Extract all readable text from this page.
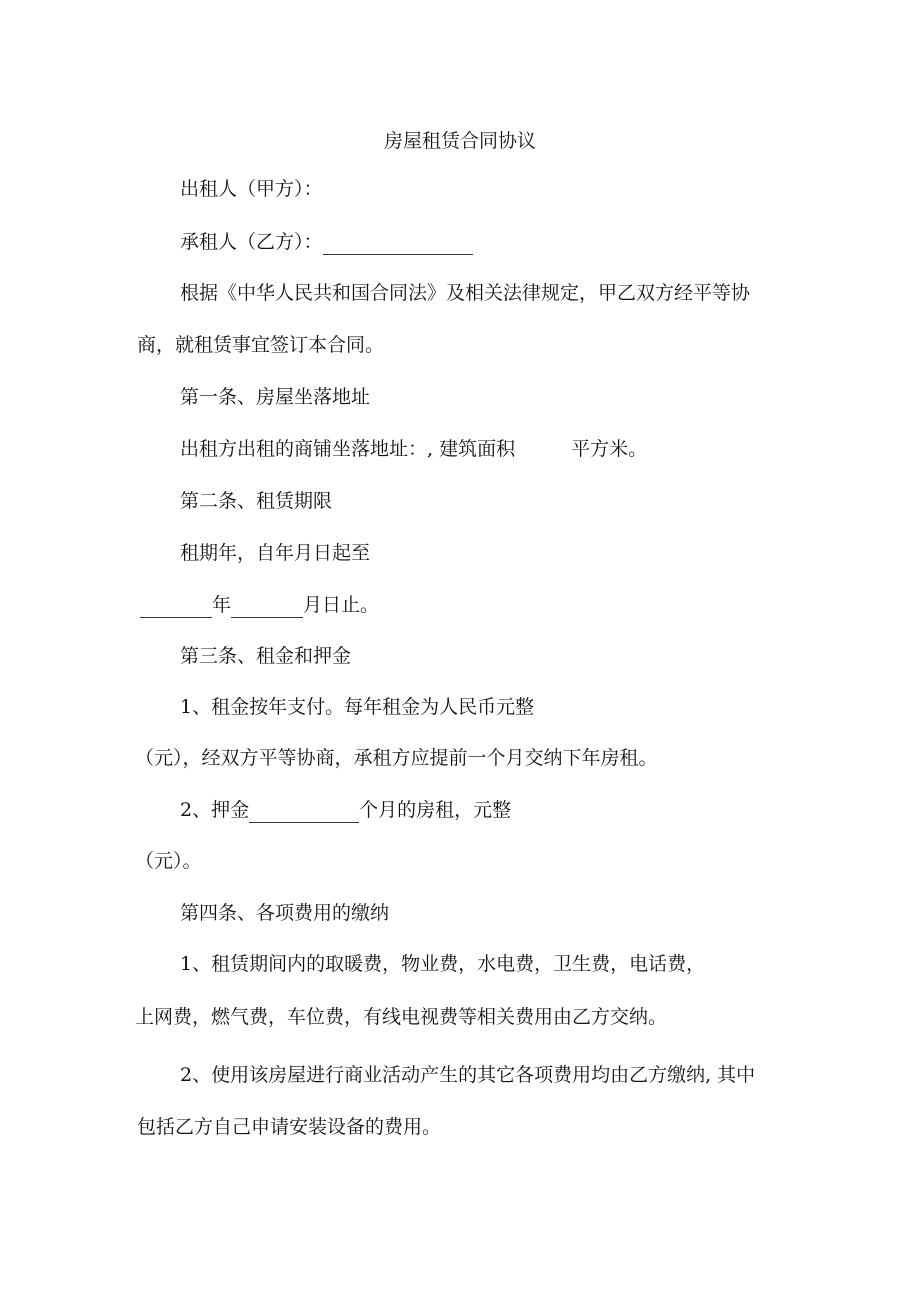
房屋租赁合同协议

出租人（甲方）：

承租人（乙方）：

根据《中华人民共和国合同法》及相关法律规定，甲乙双方经平等协

商，就租赁事宜签订本合同。

第一条、房屋坐落地址

出租方出租的商铺坐落地址：, 建筑面积	平方米。

第二条、租赁期限

租期年，自年月日起至

年	月日止。

第三条、租金和押金

1、租金按年支付。每年租金为人民币元整

（元），经双方平等协商，承租方应提前一个月交纳下年房租。

2、押金	个月的房租，元整

（元）。

第四条、各项费用的缴纳

1、租赁期间内的取暖费，物业费，水电费，卫生费，电话费，

上网费，燃气费，车位费，有线电视费等相关费用由乙方交纳。

2、使用该房屋进行商业活动产生的其它各项费用均由乙方缴纳, 其中

包括乙方自己申请安装设备的费用。
